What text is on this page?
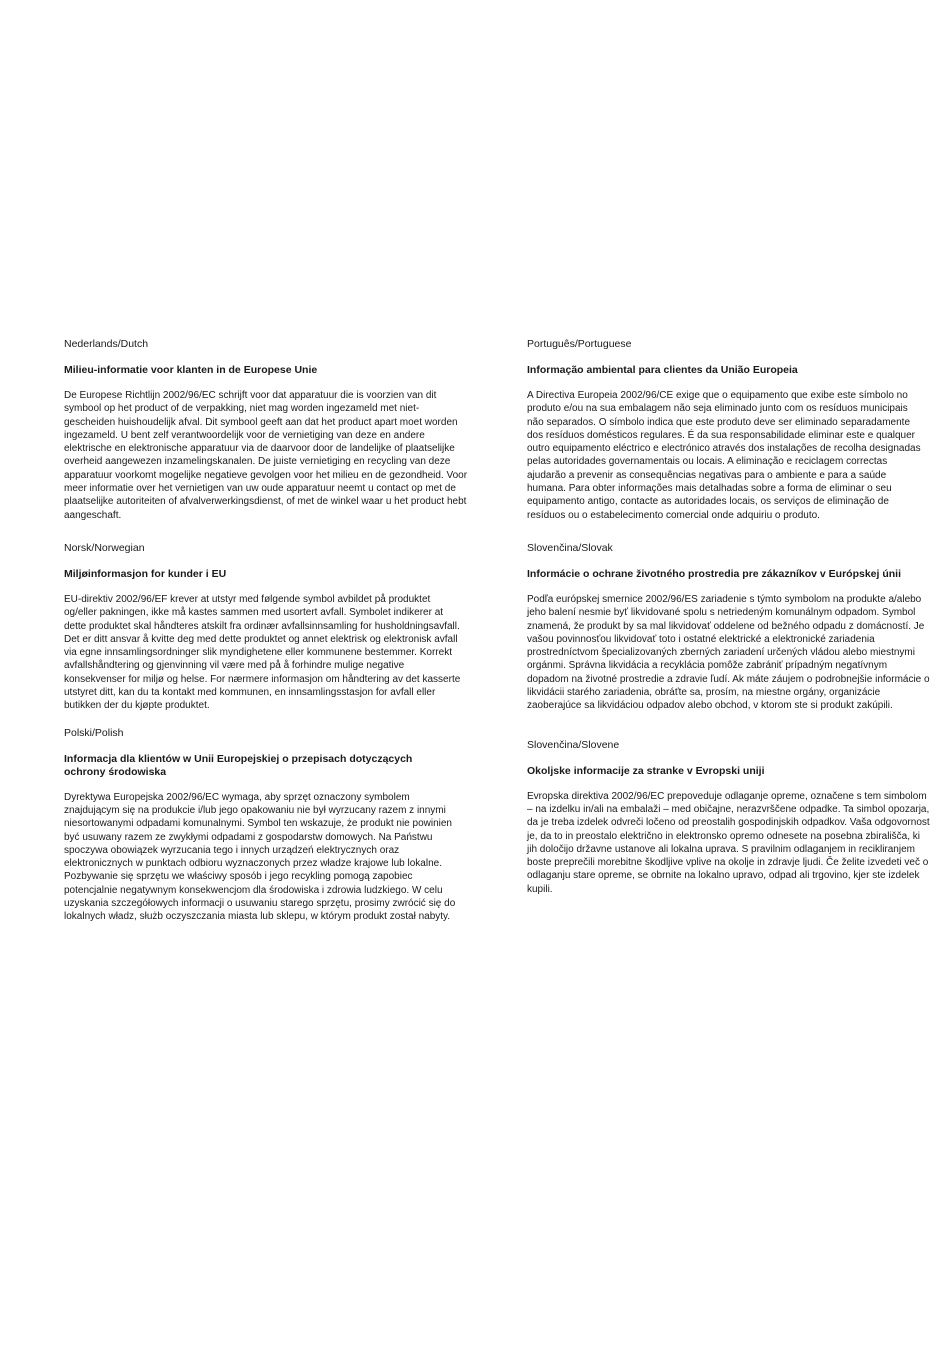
Nederlands/Dutch

Milieu-informatie voor klanten in de Europese Unie

De Europese Richtlijn 2002/96/EC schrijft voor dat apparatuur die is voorzien van dit symbool op het product of de verpakking, niet mag worden ingezameld met niet-gescheiden huishoudelijk afval. Dit symbool geeft aan dat het product apart moet worden ingezameld. U bent zelf verantwoordelijk voor de vernietiging van deze en andere elektrische en elektronische apparatuur via de daarvoor door de landelijke of plaatselijke overheid aangewezen inzamelingskanalen. De juiste vernietiging en recycling van deze apparatuur voorkomt mogelijke negatieve gevolgen voor het milieu en de gezondheid. Voor meer informatie over het vernietigen van uw oude apparatuur neemt u contact op met de plaatselijke autoriteiten of afvalverwerkingsdienst, of met de winkel waar u het product hebt aangeschaft.

Norsk/Norwegian

Miljøinformasjon for kunder i EU

EU-direktiv 2002/96/EF krever at utstyr med følgende symbol avbildet på produktet og/eller pakningen, ikke må kastes sammen med usortert avfall. Symbolet indikerer at dette produktet skal håndteres atskilt fra ordinær avfallsinnsamling for husholdningsavfall. Det er ditt ansvar å kvitte deg med dette produktet og annet elektrisk og elektronisk avfall via egne innsamlingsordninger slik myndighetene eller kommunene bestemmer. Korrekt avfallshåndtering og gjenvinning vil være med på å forhindre mulige negative konsekvenser for miljø og helse. For nærmere informasjon om håndtering av det kasserte utstyret ditt, kan du ta kontakt med kommunen, en innsamlingsstasjon for avfall eller butikken der du kjøpte produktet.

Polski/Polish

Informacja dla klientów w Unii Europejskiej o przepisach dotyczących ochrony środowiska

Dyrektywa Europejska 2002/96/EC wymaga, aby sprzęt oznaczony symbolem znajdującym się na produkcie i/lub jego opakowaniu nie był wyrzucany razem z innymi niesortowanymi odpadami komunalnymi. Symbol ten wskazuje, że produkt nie powinien być usuwany razem ze zwykłymi odpadami z gospodarstw domowych. Na Państwu spoczywa obowiązek wyrzucania tego i innych urządzeń elektrycznych oraz elektronicznych w punktach odbioru wyznaczonych przez władze krajowe lub lokalne. Pozbywanie się sprzętu we właściwy sposób i jego recykling pomogą zapobiec potencjalnie negatywnym konsekwencjom dla środowiska i zdrowia ludzkiego. W celu uzyskania szczegółowych informacji o usuwaniu starego sprzętu, prosimy zwrócić się do lokalnych władz, służb oczyszczania miasta lub sklepu, w którym produkt został nabyty.

Português/Portuguese

Informação ambiental para clientes da União Europeia

A Directiva Europeia 2002/96/CE exige que o equipamento que exibe este símbolo no produto e/ou na sua embalagem não seja eliminado junto com os resíduos municipais não separados. O símbolo indica que este produto deve ser eliminado separadamente dos resíduos domésticos regulares. É da sua responsabilidade eliminar este e qualquer outro equipamento eléctrico e electrónico através dos instalações de recolha designadas pelas autoridades governamentais ou locais. A eliminação e reciclagem correctas ajudarão a prevenir as consequências negativas para o ambiente e para a saúde humana. Para obter informações mais detalhadas sobre a forma de eliminar o seu equipamento antigo, contacte as autoridades locais, os serviços de eliminação de resíduos ou o estabelecimento comercial onde adquiriu o produto.

Slovenčina/Slovak

Informácie o ochrane životného prostredia pre zákazníkov v Európskej únii

Podľa európskej smernice 2002/96/ES zariadenie s týmto symbolom na produkte a/alebo jeho balení nesmie byť likvidované spolu s netriedeným komunálnym odpadom. Symbol znamená, že produkt by sa mal likvidovať oddelene od bežného odpadu z domácností. Je vašou povinnosťou likvidovať toto i ostatné elektrické a elektronické zariadenia prostredníctvom špecializovaných zberných zariadení určených vládou alebo miestnymi orgánmi. Správna likvidácia a recyklácia pomôže zabrániť prípadným negatívnym dopadom na životné prostredie a zdravie ľudí. Ak máte záujem o podrobnejšie informácie o likvidácii starého zariadenia, obráťte sa, prosím, na miestne orgány, organizácie zaoberajúce sa likvidáciou odpadov alebo obchod, v ktorom ste si produkt zakúpili.

Slovenčina/Slovene

Okoljske informacije za stranke v Evropski uniji

Evropska direktiva 2002/96/EC prepoveduje odlaganje opreme, označene s tem simbolom – na izdelku in/ali na embalaži – med običajne, nerazvrščene odpadke. Ta simbol opozarja, da je treba izdelek odvreči ločeno od preostalih gospodinjskih odpadkov. Vaša odgovornost je, da to in preostalo električno in elektronsko opremo odnesete na posebna zbirališča, ki jih določijo državne ustanove ali lokalna uprava. S pravilnim odlaganjem in recikliranjem boste preprečili morebitne škodljive vplive na okolje in zdravje ljudi. Če želite izvedeti več o odlaganju stare opreme, se obrnite na lokalno upravo, odpad ali trgovino, kjer ste izdelek kupili.
